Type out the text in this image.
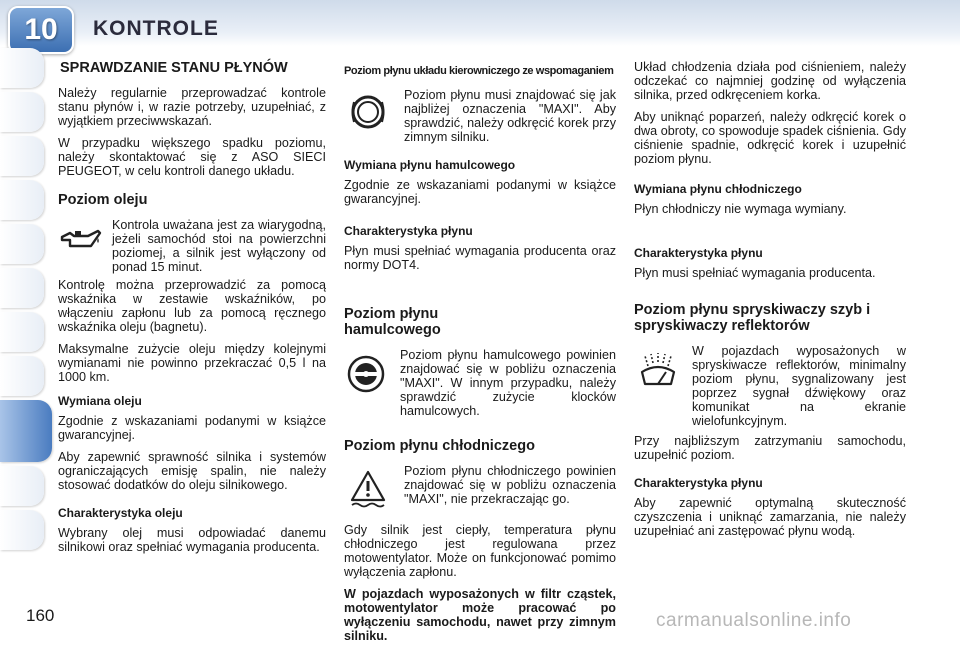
10	KONTROLE
SPRAWDZANIE STANU PŁYNÓW

Należy regularnie przeprowadzać kontrole stanu płynów i, w razie potrzeby, uzupełniać, z wyjątkiem przeciwwskazań.

W przypadku większego spadku poziomu, należy skontaktować się z ASO SIECI PEUGEOT, w celu kontroli danego układu.

Poziom oleju

Kontrola uważana jest za wiarygodną, jeżeli samochód stoi na powierzchni poziomej, a silnik jest wyłączony od ponad 15 minut.

Kontrolę można przeprowadzić za pomocą wskaźnika w zestawie wskaźników, po włączeniu zapłonu lub za pomocą ręcznego wskaźnika oleju (bagnetu).

Maksymalne zużycie oleju między kolejnymi wymianami nie powinno przekraczać 0,5 l na 1000 km.

Wymiana oleju

Zgodnie z wskazaniami podanymi w książce gwarancyjnej.

Aby zapewnić sprawność silnika i systemów ograniczających emisję spalin, nie należy stosować dodatków do oleju silnikowego.

Charakterystyka oleju

Wybrany olej musi odpowiadać danemu silnikowi oraz spełniać wymagania producenta.

Poziom płynu układu kierowniczego ze wspomaganiem

Poziom płynu musi znajdować się jak najbliżej oznaczenia "MAXI". Aby sprawdzić, należy odkręcić korek przy zimnym silniku.

Wymiana płynu hamulcowego

Zgodnie ze wskazaniami podanymi w książce gwarancyjnej.

Charakterystyka płynu

Płyn musi spełniać wymagania producenta oraz normy DOT4.

Poziom płynu hamulcowego

Poziom płynu hamulcowego powinien znajdować się w pobliżu oznaczenia "MAXI". W innym przypadku, należy sprawdzić zużycie klocków hamulcowych.

Poziom płynu chłodniczego

Poziom płynu chłodniczego powinien znajdować się w pobliżu oznaczenia "MAXI", nie przekraczając go.

Gdy silnik jest ciepły, temperatura płynu chłodniczego jest regulowana przez motowentylator. Może on funkcjonować pomimo wyłączenia zapłonu.

W pojazdach wyposażonych w filtr cząstek, motowentylator może pracować po wyłączeniu samochodu, nawet przy zimnym silniku.

Układ chłodzenia działa pod ciśnieniem, należy odczekać co najmniej godzinę od wyłączenia silnika, przed odkręceniem korka.

Aby uniknąć poparzeń, należy odkręcić korek o dwa obroty, co spowoduje spadek ciśnienia. Gdy ciśnienie spadnie, odkręcić korek i uzupełnić poziom płynu.

Wymiana płynu chłodniczego

Płyn chłodniczy nie wymaga wymiany.

Charakterystyka płynu

Płyn musi spełniać wymagania producenta.

Poziom płynu spryskiwaczy szyb i spryskiwaczy reflektorów

W pojazdach wyposażonych w spryskiwacze reflektorów, minimalny poziom płynu, sygnalizowany jest poprzez sygnał dźwiękowy oraz komunikat na ekranie wielofunkcyjnym.

Przy najbliższym zatrzymaniu samochodu, uzupełnić poziom.

Charakterystyka płynu

Aby zapewnić optymalną skuteczność czyszczenia i uniknąć zamarzania, nie należy uzupełniać ani zastępować płynu wodą.

160	carmanualsonline.info
